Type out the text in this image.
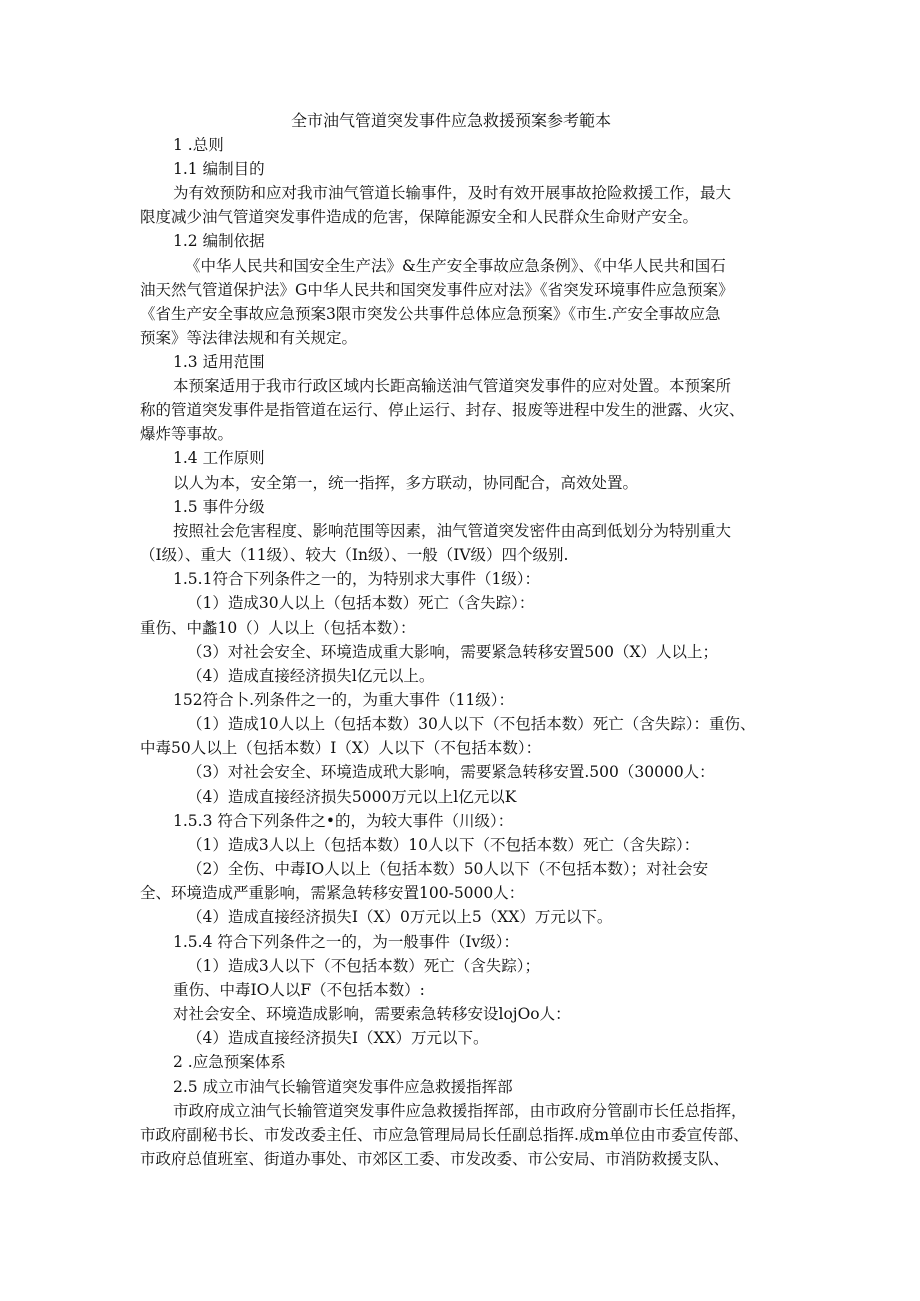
全市油气管道突发事件应急救援预案参考範本
1 .总则
1.1 编制目的
为有效预防和应对我市油气管道长输事件，及时有效开展事故抢险救援工作，最大
限度减少油气管道突发事件造成的危害，保障能源安全和人民群众生命财产安全。
1.2 编制依据
《中华人民共和国安全生产法》&生产安全事故应急条例》、《中华人民共和国石
油天然气管道保护法》G中华人民共和国突发事件应对法》《省突发环境事件应急预案》
《省生产安全事故应急预案3限市突发公共事件总体应急预案》《市生.产安全事故应急
预案》等法律法规和有关规定。
1.3 适用范围
本预案适用于我市行政区域内长距高输送油气管道突发事件的应对处置。本预案所
称的管道突发事件是指管道在运行、停止运行、封存、报废等进程中发生的泄露、火灾、
爆炸等事故。
1.4 工作原则
以人为本，安全第一，统一指挥，多方联动，协同配合，高效处置。
1.5 事件分级
按照社会危害程度、影响范围等因素，油气管道突发密件由高到低划分为特别重大
（I级）、重大（11级）、较大（In级）、一般（IV级）四个级别.
1.5.1符合下列条件之一的，为特别求大事件（1级）：
（1）造成30人以上（包括本数）死亡（含失踪）：
重伤、中蠡10（）人以上（包括本数）：
（3）对社会安全、环境造成重大影响，需要紧急转移安置500（X）人以上；
（4）造成直接经济损失l亿元以上。
152符合卜.列条件之一的，为重大事件（11级）：
（1）造成10人以上（包括本数）30人以下（不包括本数）死亡（含失踪）：重伤、
中毒50人以上（包括本数）I（X）人以下（不包括本数）：
（3）对社会安全、环境造成玳大影响，需要紧急转移安置.500（30000人：
（4）造成直接经济损失5000万元以上l亿元以K
1.5.3 符合下列条件之•的，为较大事件（川级）：
（1）造成3人以上（包括本数）10人以下（不包括本数）死亡（含失踪）：
（2）全伤、中毒IO人以上（包括本数）50人以下（不包括本数）；对社会安
全、环境造成严重影响，需紧急转移安置100-5000人：
（4）造成直接经济损失I（X）0万元以上5（XX）万元以下。
1.5.4 符合下列条件之一的，为一般事件（Iv级）：
（1）造成3人以下（不包括本数）死亡（含失踪）；
重伤、中毒IO人以F（不包括本数）:
对社会安全、环境造成影响，需要索急转移安设lojOo人：
（4）造成直接经济损失I（XX）万元以下。
2 .应急预案体系
2.5 成立市油气长输管道突发事件应急救援指挥部
市政府成立油气长输管道突发事件应急救援指挥部，由市政府分管副市长任总指挥，
市政府副秘书长、市发改委主任、市应急管理局局长任副总指挥.成m单位由市委宣传部、
市政府总值班室、街道办事处、市郊区工委、市发改委、市公安局、市消防救援支队、
